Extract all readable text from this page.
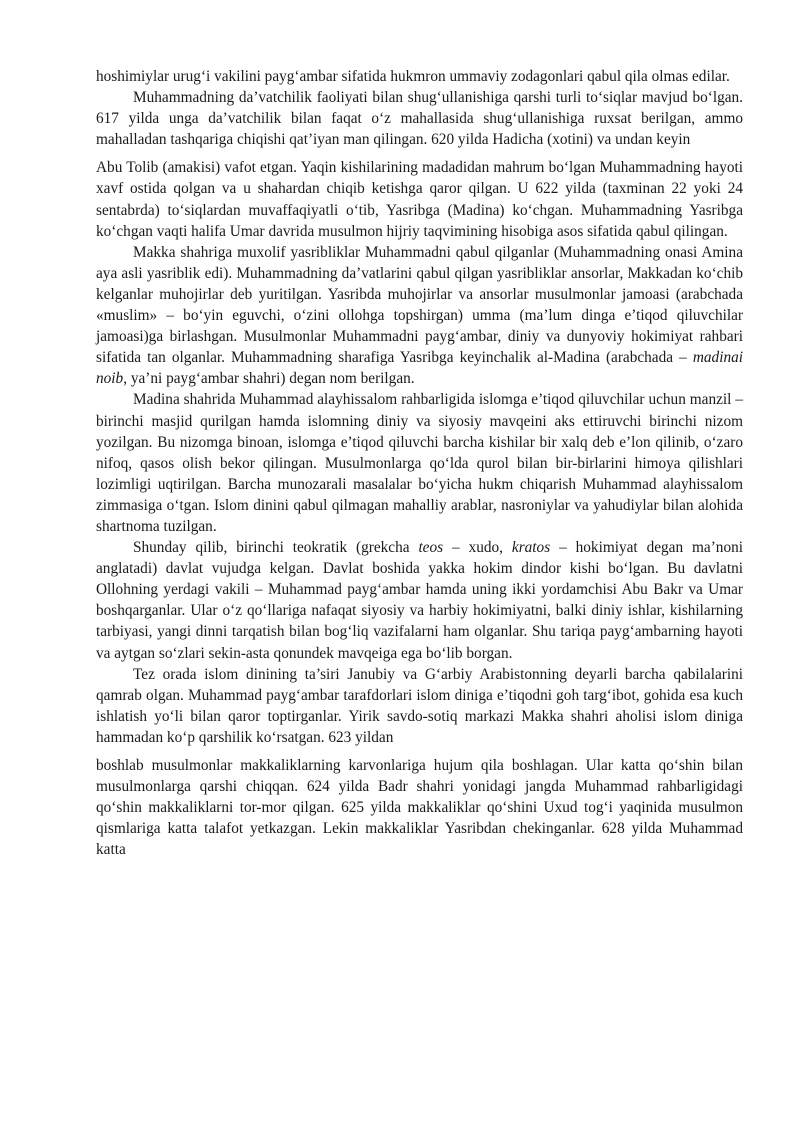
hoshimiylar urug‘i vakilini payg‘ambar sifatida hukmron ummaviy zodagonlari qabul qila olmas edilar.

Muhammadning da’vatchilik faoliyati bilan shug‘ullanishiga qarshi turli to‘siqlar mavjud bo‘lgan. 617 yilda unga da’vatchilik bilan faqat o‘z mahallasida shug‘ullanishiga ruxsat berilgan, ammo mahalladan tashqariga chiqishi qat’iyan man qilingan. 620 yilda Hadicha (xotini) va undan keyin

Abu Tolib (amakisi) vafot etgan. Yaqin kishilarining madadidan mahrum bo‘lgan Muhammadning hayoti xavf ostida qolgan va u shahardan chiqib ketishga qaror qilgan. U 622 yilda (taxminan 22 yoki 24 sentabrda) to‘siqlardan muvaffaqiyatli o‘tib, Yasribga (Madina) ko‘chgan. Muhammadning Yasribga ko‘chgan vaqti halifa Umar davrida musulmon hijriy taqvimining hisobiga asos sifatida qabul qilingan.

Makka shahriga muxolif yasribliklar Muhammadni qabul qilganlar (Muhammadning onasi Amina aya asli yasriblik edi). Muhammadning da’vatlarini qabul qilgan yasribliklar ansorlar, Makkadan ko‘chib kelganlar muhojirlar deb yuritilgan. Yasribda muhojirlar va ansorlar musulmonlar jamoasi (arabchada «muslim» – bo‘yin eguvchi, o‘zini ollohga topshirgan) umma (ma’lum dinga e’tiqod qiluvchilar jamoasi)ga birlashgan. Musulmonlar Muhammadni payg‘ambar, diniy va dunyoviy hokimiyat rahbari sifatida tan olganlar. Muhammadning sharafiga Yasribga keyinchalik al-Madina (arabchada – madinai noib, ya’ni payg‘ambar shahri) degan nom berilgan.

Madina shahrida Muhammad alayhissalom rahbarligida islomga e’tiqod qiluvchilar uchun manzil – birinchi masjid qurilgan hamda islomning diniy va siyosiy mavqeini aks ettiruvchi birinchi nizom yozilgan. Bu nizomga binoan, islomga e’tiqod qiluvchi barcha kishilar bir xalq deb e’lon qilinib, o‘zaro nifoq, qasos olish bekor qilingan. Musulmonlarga qo‘lda qurol bilan bir-birlarini himoya qilishlari lozimligi uqtirilgan. Barcha munozarali masalalar bo‘yicha hukm chiqarish Muhammad alayhissalom zimmasiga o‘tgan. Islom dinini qabul qilmagan mahalliy arablar, nasroniylar va yahudiylar bilan alohida shartnoma tuzilgan.

Shunday qilib, birinchi teokratik (grekcha teos – xudo, kratos – hokimiyat degan ma’noni anglatadi) davlat vujudga kelgan. Davlat boshida yakka hokim dindor kishi bo‘lgan. Bu davlatni Ollohning yerdagi vakili – Muhammad payg‘ambar hamda uning ikki yordamchisi Abu Bakr va Umar boshqarganlar. Ular o‘z qo‘llariga nafaqat siyosiy va harbiy hokimiyatni, balki diniy ishlar, kishilarning tarbiyasi, yangi dinni tarqatish bilan bog‘liq vazifalarni ham olganlar. Shu tariqa payg‘ambarning hayoti va aytgan so‘zlari sekin-asta qonundek mavqeiga ega bo‘lib borgan.

Tez orada islom dinining ta’siri Janubiy va G‘arbiy Arabistonning deyarli barcha qabilalarini qamrab olgan. Muhammad payg‘ambar tarafdorlari islom diniga e’tiqodni goh targ‘ibot, gohida esa kuch ishlatish yo‘li bilan qaror toptirganlar. Yirik savdo-sotiq markazi Makka shahri aholisi islom diniga hammadan ko‘p qarshilik ko‘rsatgan. 623 yildan

boshlab musulmonlar makkaliklarning karvonlariga hujum qila boshlagan. Ular katta qo‘shin bilan musulmonlarga qarshi chiqqan. 624 yilda Badr shahri yonidagi jangda Muhammad rahbarligidagi qo‘shin makkaliklarni tor-mor qilgan. 625 yilda makkaliklar qo‘shini Uxud tog‘i yaqinida musulmon qismlariga katta talafot yetkazgan. Lekin makkaliklar Yasribdan chekinganlar. 628 yilda Muhammad katta
